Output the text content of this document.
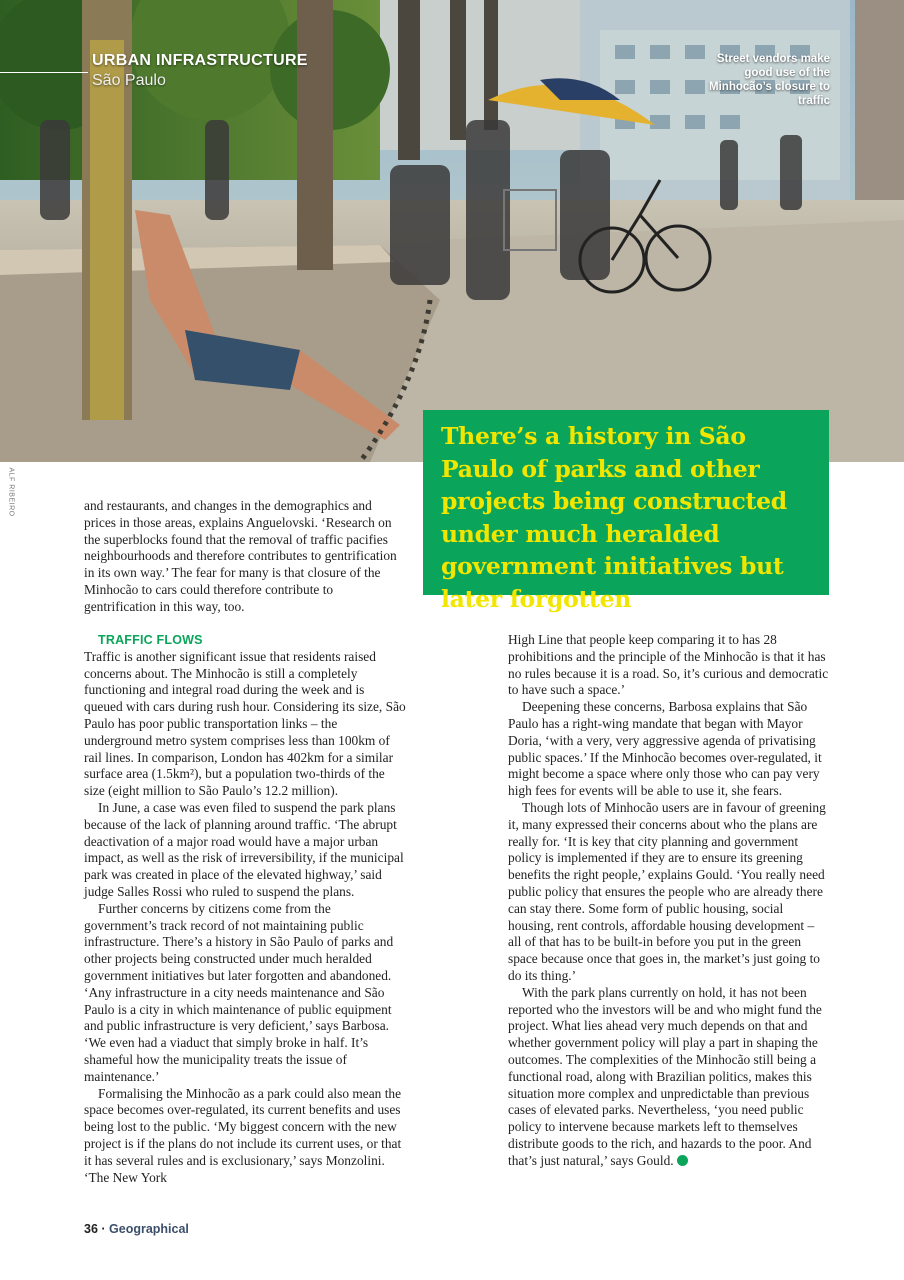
URBAN INFRASTRUCTURE
São Paulo
Street vendors make good use of the Minhocão’s closure to traffic
ALF RIBEIRO

There’s a history in São Paulo of parks and other projects being constructed under much heralded government initiatives but later forgotten

and restaurants, and changes in the demographics and prices in those areas, explains Anguelovski. ‘Research on the superblocks found that the removal of traffic pacifies neighbourhoods and therefore contributes to gentrification in its own way.’ The fear for many is that closure of the Minhocão to cars could therefore contribute to gentrification in this way, too.

TRAFFIC FLOWS

Traffic is another significant issue that residents raised concerns about. The Minhocão is still a completely functioning and integral road during the week and is queued with cars during rush hour. Considering its size, São Paulo has poor public transportation links – the underground metro system comprises less than 100km of rail lines. In comparison, London has 402km for a similar surface area (1.5km²), but a population two-thirds of the size (eight million to São Paulo’s 12.2 million).

In June, a case was even filed to suspend the park plans because of the lack of planning around traffic. ‘The abrupt deactivation of a major road would have a major urban impact, as well as the risk of irreversibility, if the municipal park was created in place of the elevated highway,’ said judge Salles Rossi who ruled to suspend the plans.

Further concerns by citizens come from the government’s track record of not maintaining public infrastructure. There’s a history in São Paulo of parks and other projects being constructed under much heralded government initiatives but later forgotten and abandoned. ‘Any infrastructure in a city needs maintenance and São Paulo is a city in which maintenance of public equipment and public infrastructure is very deficient,’ says Barbosa. ‘We even had a viaduct that simply broke in half. It’s shameful how the municipality treats the issue of maintenance.’

Formalising the Minhocão as a park could also mean the space becomes over-regulated, its current benefits and uses being lost to the public. ‘My biggest concern with the new project is if the plans do not include its current uses, or that it has several rules and is exclusionary,’ says Monzolini. ‘The New York

High Line that people keep comparing it to has 28 prohibitions and the principle of the Minhocão is that it has no rules because it is a road. So, it’s curious and democratic to have such a space.’

Deepening these concerns, Barbosa explains that São Paulo has a right-wing mandate that began with Mayor Doria, ‘with a very, very aggressive agenda of privatising public spaces.’ If the Minhocão becomes over-regulated, it might become a space where only those who can pay very high fees for events will be able to use it, she fears.

Though lots of Minhocão users are in favour of greening it, many expressed their concerns about who the plans are really for. ‘It is key that city planning and government policy is implemented if they are to ensure its greening benefits the right people,’ explains Gould. ‘You really need public policy that ensures the people who are already there can stay there. Some form of public housing, social housing, rent controls, affordable housing development – all of that has to be built-in before you put in the green space because once that goes in, the market’s just going to do its thing.’

With the park plans currently on hold, it has not been reported who the investors will be and who might fund the project. What lies ahead very much depends on that and whether government policy will play a part in shaping the outcomes. The complexities of the Minhocão still being a functional road, along with Brazilian politics, makes this situation more complex and unpredictable than previous cases of elevated parks. Nevertheless, ‘you need public policy to intervene because markets left to themselves distribute goods to the rich, and hazards to the poor. And that’s just natural,’ says Gould.

36 · Geographical
